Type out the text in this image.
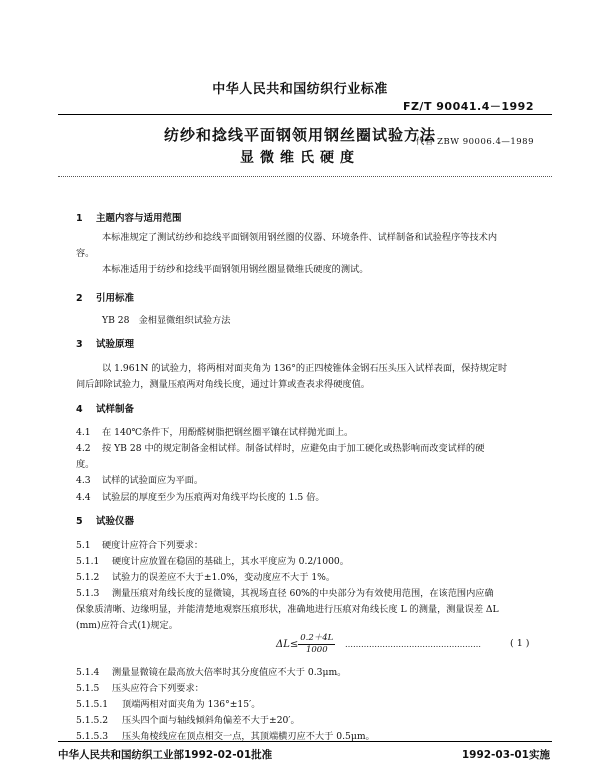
中华人民共和国纺织行业标准
FZ/T 90041.4－1992
纺纱和捻线平面钢领用钢丝圈试验方法
代替 ZBW 90006.4—1989
显微维氏硬度
1 主题内容与适用范围
本标准规定了测试纺纱和捻线平面钢领用钢丝圈的仪器、环境条件、试样制备和试验程序等技术内
容。
本标准适用于纺纱和捻线平面钢领用钢丝圈显微维氏硬度的测试。
2 引用标准
YB 28　金相显微组织试验方法
3 试验原理
以 1.961N 的试验力，将两相对面夹角为 136°的正四棱锥体金钢石压头压入试样表面，保持规定时
间后卸除试验力，测量压痕两对角线长度，通过计算或查表求得硬度值。
4 试样制备
4.1 在 140℃条件下，用酚醛树脂把钢丝圈平镶在试样抛光面上。
4.2 按 YB 28 中的规定制备金相试样。制备试样时，应避免由于加工硬化或热影响而改变试样的硬
度。
4.3 试样的试验面应为平面。
4.4 试验层的厚度至少为压痕两对角线平均长度的 1.5 倍。
5 试验仪器
5.1 硬度计应符合下列要求：
5.1.1 硬度计应放置在稳固的基础上，其水平度应为 0.2/1000。
5.1.2 试验力的误差应不大于±1.0%，变动度应不大于 1%。
5.1.3 测量压痕对角线长度的显微镜，其视场直径 60%的中央部分为有效使用范围，在该范围内应确
保象质清晰、边缘明显，并能清楚地观察压痕形状，准确地进行压痕对角线长度 L 的测量，测量误差 ΔL
(mm)应符合式(1)规定。
$\Delta L\le \frac{0.2+4L}{1000}$ ……………………………………………	( 1 )
5.1.4 测量显微镜在最高放大倍率时其分度值应不大于 0.3μm。
5.1.5 压头应符合下列要求：
5.1.5.1 顶端两相对面夹角为 136°±15′。
5.1.5.2 压头四个面与轴线倾斜角偏差不大于±20′。
5.1.5.3 压头角棱线应在顶点相交一点，其顶端横刃应不大于 0.5μm。
中华人民共和国纺织工业部1992-02-01批准	1992-03-01实施
